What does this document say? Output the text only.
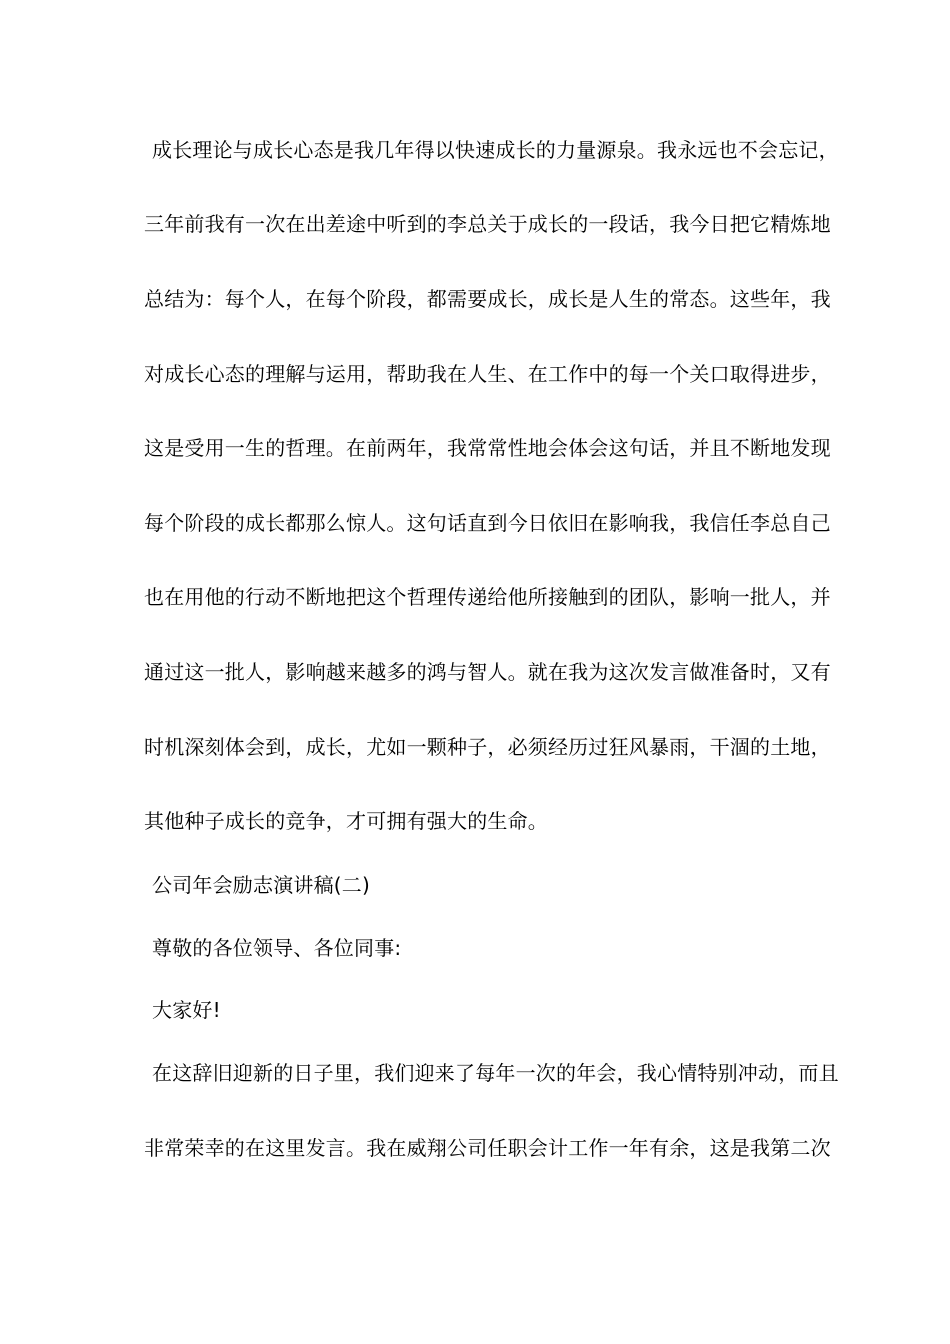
成长理论与成长心态是我几年得以快速成长的力量源泉。我永远也不会忘记，
三年前我有一次在出差途中听到的李总关于成长的一段话，我今日把它精炼地
总结为：每个人，在每个阶段，都需要成长，成长是人生的常态。这些年，我
对成长心态的理解与运用，帮助我在人生、在工作中的每一个关口取得进步，
这是受用一生的哲理。在前两年，我常常性地会体会这句话，并且不断地发现
每个阶段的成长都那么惊人。这句话直到今日依旧在影响我，我信任李总自己
也在用他的行动不断地把这个哲理传递给他所接触到的团队，影响一批人，并
通过这一批人，影响越来越多的鸿与智人。就在我为这次发言做准备时，又有
时机深刻体会到，成长，尤如一颗种子，必须经历过狂风暴雨，干涸的土地，
其他种子成长的竞争，才可拥有强大的生命。
公司年会励志演讲稿(二)
尊敬的各位领导、各位同事:
大家好!
在这辞旧迎新的日子里，我们迎来了每年一次的年会，我心情特别冲动，而且
非常荣幸的在这里发言。我在威翔公司任职会计工作一年有余，这是我第二次
